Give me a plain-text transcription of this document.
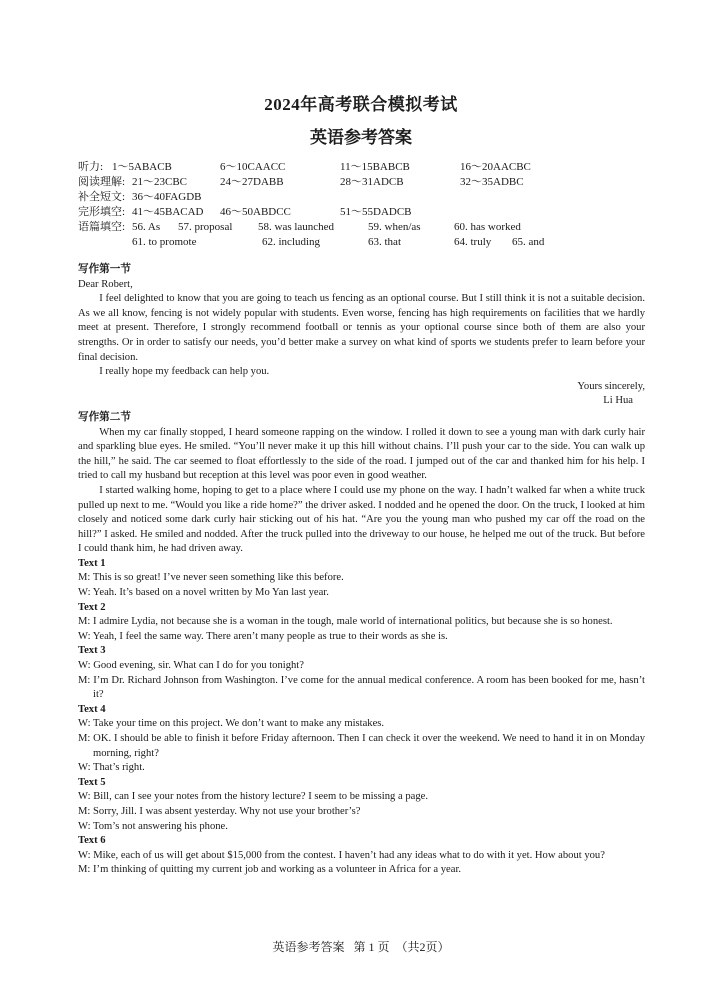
2024年高考联合模拟考试
英语参考答案
听力: 1～5ABACB	6～10CAACC	11～15BABCB	16～20AACBC
阅读理解: 21～23CBC	24～27DABB	28～31ADCB	32～35ADBC
补全短文: 36～40FAGDB
完形填空: 41～45BACAD 46～50ABDCC	51～55DADCB
语篇填空: 56. As 57. proposal 58. was launched	59. when/as	60. has worked
61. to promote	62. including	63. that	64. truly 65. and
写作第一节

Dear Robert,

I feel delighted to know that you are going to teach us fencing as an optional course. But I still think it is not a suitable decision. As we all know, fencing is not widely popular with students. Even worse, fencing has high requirements on facilities that we hardly meet at present. Therefore, I strongly recommend football or tennis as your optional course since both of them are also your strengths. Or in order to satisfy our needs, you’d better make a survey on what kind of sports we students prefer to learn before your final decision.

I really hope my feedback can help you.

Yours sincerely,

Li Hua

写作第二节

When my car finally stopped, I heard someone rapping on the window. I rolled it down to see a young man with dark curly hair and sparkling blue eyes. He smiled. “You’ll never make it up this hill without chains. I’ll push your car to the side. You can walk up the hill,” he said. The car seemed to float effortlessly to the side of the road. I jumped out of the car and thanked him for his help. I tried to call my husband but reception at this level was poor even in good weather.

I started walking home, hoping to get to a place where I could use my phone on the way. I hadn’t walked far when a white truck pulled up next to me. “Would you like a ride home?” the driver asked. I nodded and he opened the door. On the truck, I looked at him closely and noticed some dark curly hair sticking out of his hat. “Are you the young man who pushed my car off the road on the hill?” I asked. He smiled and nodded. After the truck pulled into the driveway to our house, he helped me out of the truck. But before I could thank him, he had driven away.

Text 1

M: This is so great! I’ve never seen something like this before.

W: Yeah. It’s based on a novel written by Mo Yan last year.

Text 2

M: I admire Lydia, not because she is a woman in the tough, male world of international politics, but because she is so honest.

W: Yeah, I feel the same way. There aren’t many people as true to their words as she is.

Text 3

W: Good evening, sir. What can I do for you tonight?

M: I’m Dr. Richard Johnson from Washington. I’ve come for the annual medical conference. A room has been booked for me, hasn’t it?

Text 4

W: Take your time on this project. We don’t want to make any mistakes.

M: OK. I should be able to finish it before Friday afternoon. Then I can check it over the weekend. We need to hand it in on Monday morning, right?

W: That’s right.

Text 5

W: Bill, can I see your notes from the history lecture? I seem to be missing a page.

M: Sorry, Jill. I was absent yesterday. Why not use your brother’s?

W: Tom’s not answering his phone.

Text 6

W: Mike, each of us will get about $15,000 from the contest. I haven’t had any ideas what to do with it yet. How about you?

M: I’m thinking of quitting my current job and working as a volunteer in Africa for a year.

英语参考答案   第 1 页  （共2页）
